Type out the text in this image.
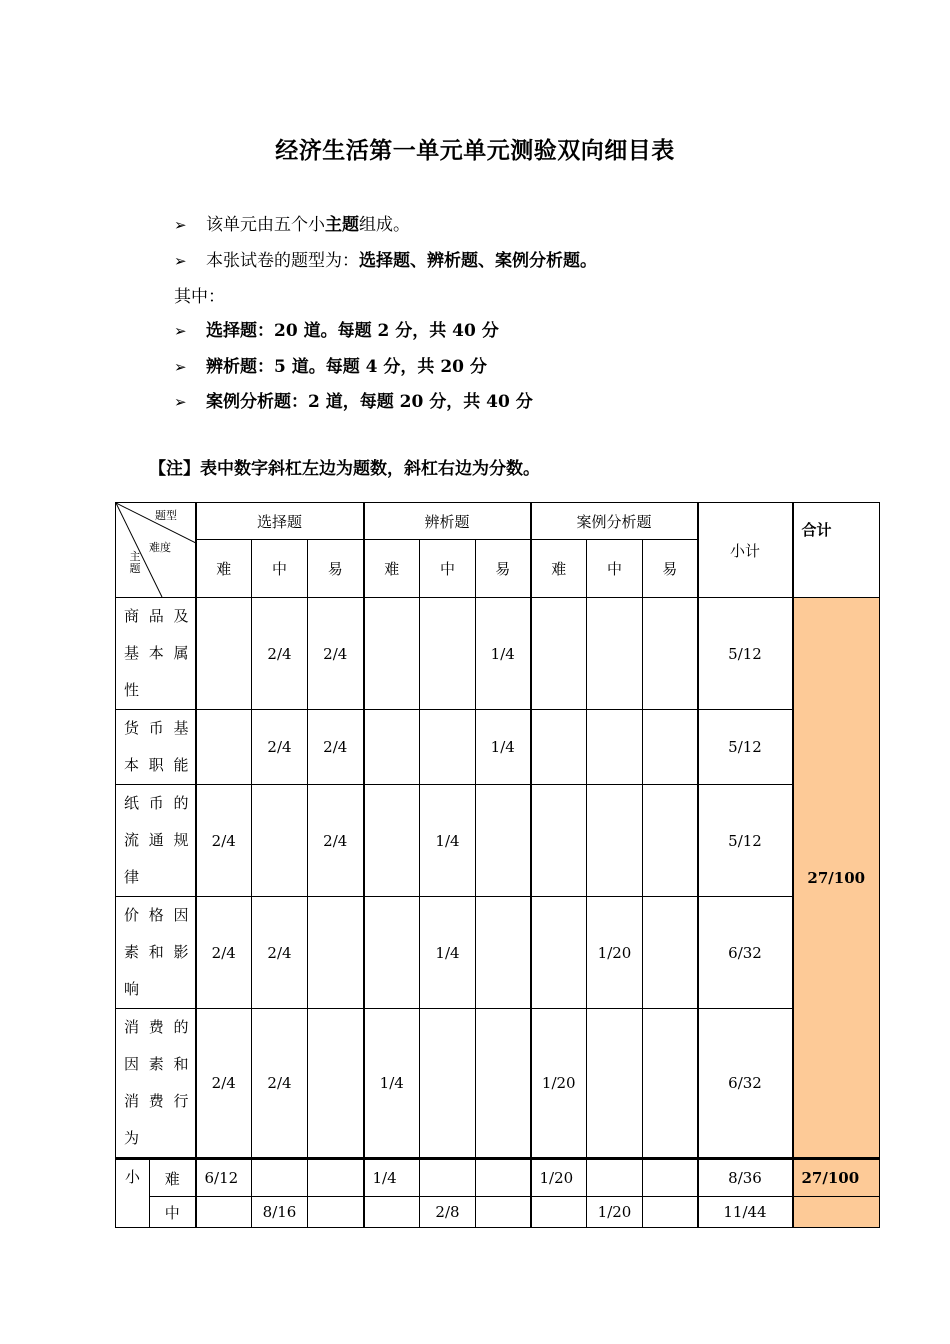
经济生活第一单元单元测验双向细目表
➢ 该单元由五个小主题组成。
➢ 本张试卷的题型为：选择题、辨析题、案例分析题。
其中：
➢ 选择题：20 道。每题 2 分，共 40 分
➢ 辨析题：5 道。每题 4 分，共 20 分
➢ 案例分析题：2 道，每题 20 分，共 40 分
【注】表中数字斜杠左边为题数，斜杠右边为分数。
题型
难度
主题		选择题			辨析题			案例分析题			小计	合计
		难	中	易	难	中	易	难	中	易		

商 品 及
基 本 属
性			2/4	2/4			1/4				5/12	27/100

货 币 基
本职能			2/4	2/4			1/4				5/12	

纸 币 的
流 通 规
律		2/4		2/4		1/4					5/12	

价 格 因
素 和 影
响		2/4	2/4			1/4			1/20		6/32	

消 费 的
因 素 和
消 费 行
为		2/4	2/4		1/4			1/20			6/32	
小	难	6/12			1/4			1/20			8/36	27/100
	中		8/16			2/8			1/20		11/44	
